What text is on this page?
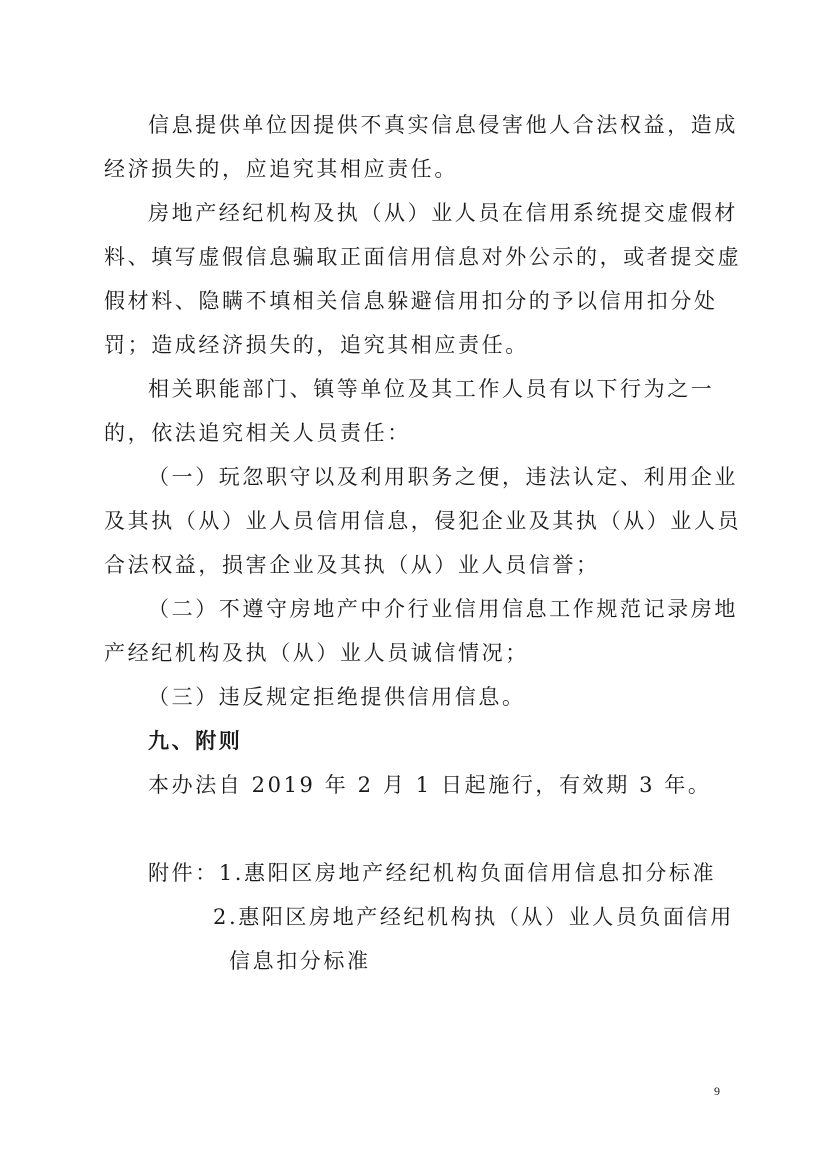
信息提供单位因提供不真实信息侵害他人合法权益，造成
经济损失的，应追究其相应责任。
房地产经纪机构及执（从）业人员在信用系统提交虚假材
料、填写虚假信息骗取正面信用信息对外公示的，或者提交虚
假材料、隐瞒不填相关信息躲避信用扣分的予以信用扣分处
罚；造成经济损失的，追究其相应责任。
相关职能部门、镇等单位及其工作人员有以下行为之一
的，依法追究相关人员责任：
（一）玩忽职守以及利用职务之便，违法认定、利用企业
及其执（从）业人员信用信息，侵犯企业及其执（从）业人员
合法权益，损害企业及其执（从）业人员信誉；
（二）不遵守房地产中介行业信用信息工作规范记录房地
产经纪机构及执（从）业人员诚信情况；
（三）违反规定拒绝提供信用信息。
九、附则
本办法自 2019 年 2 月 1 日起施行，有效期 3 年。
附件：1.惠阳区房地产经纪机构负面信用信息扣分标准
2.惠阳区房地产经纪机构执（从）业人员负面信用
信息扣分标准
9
